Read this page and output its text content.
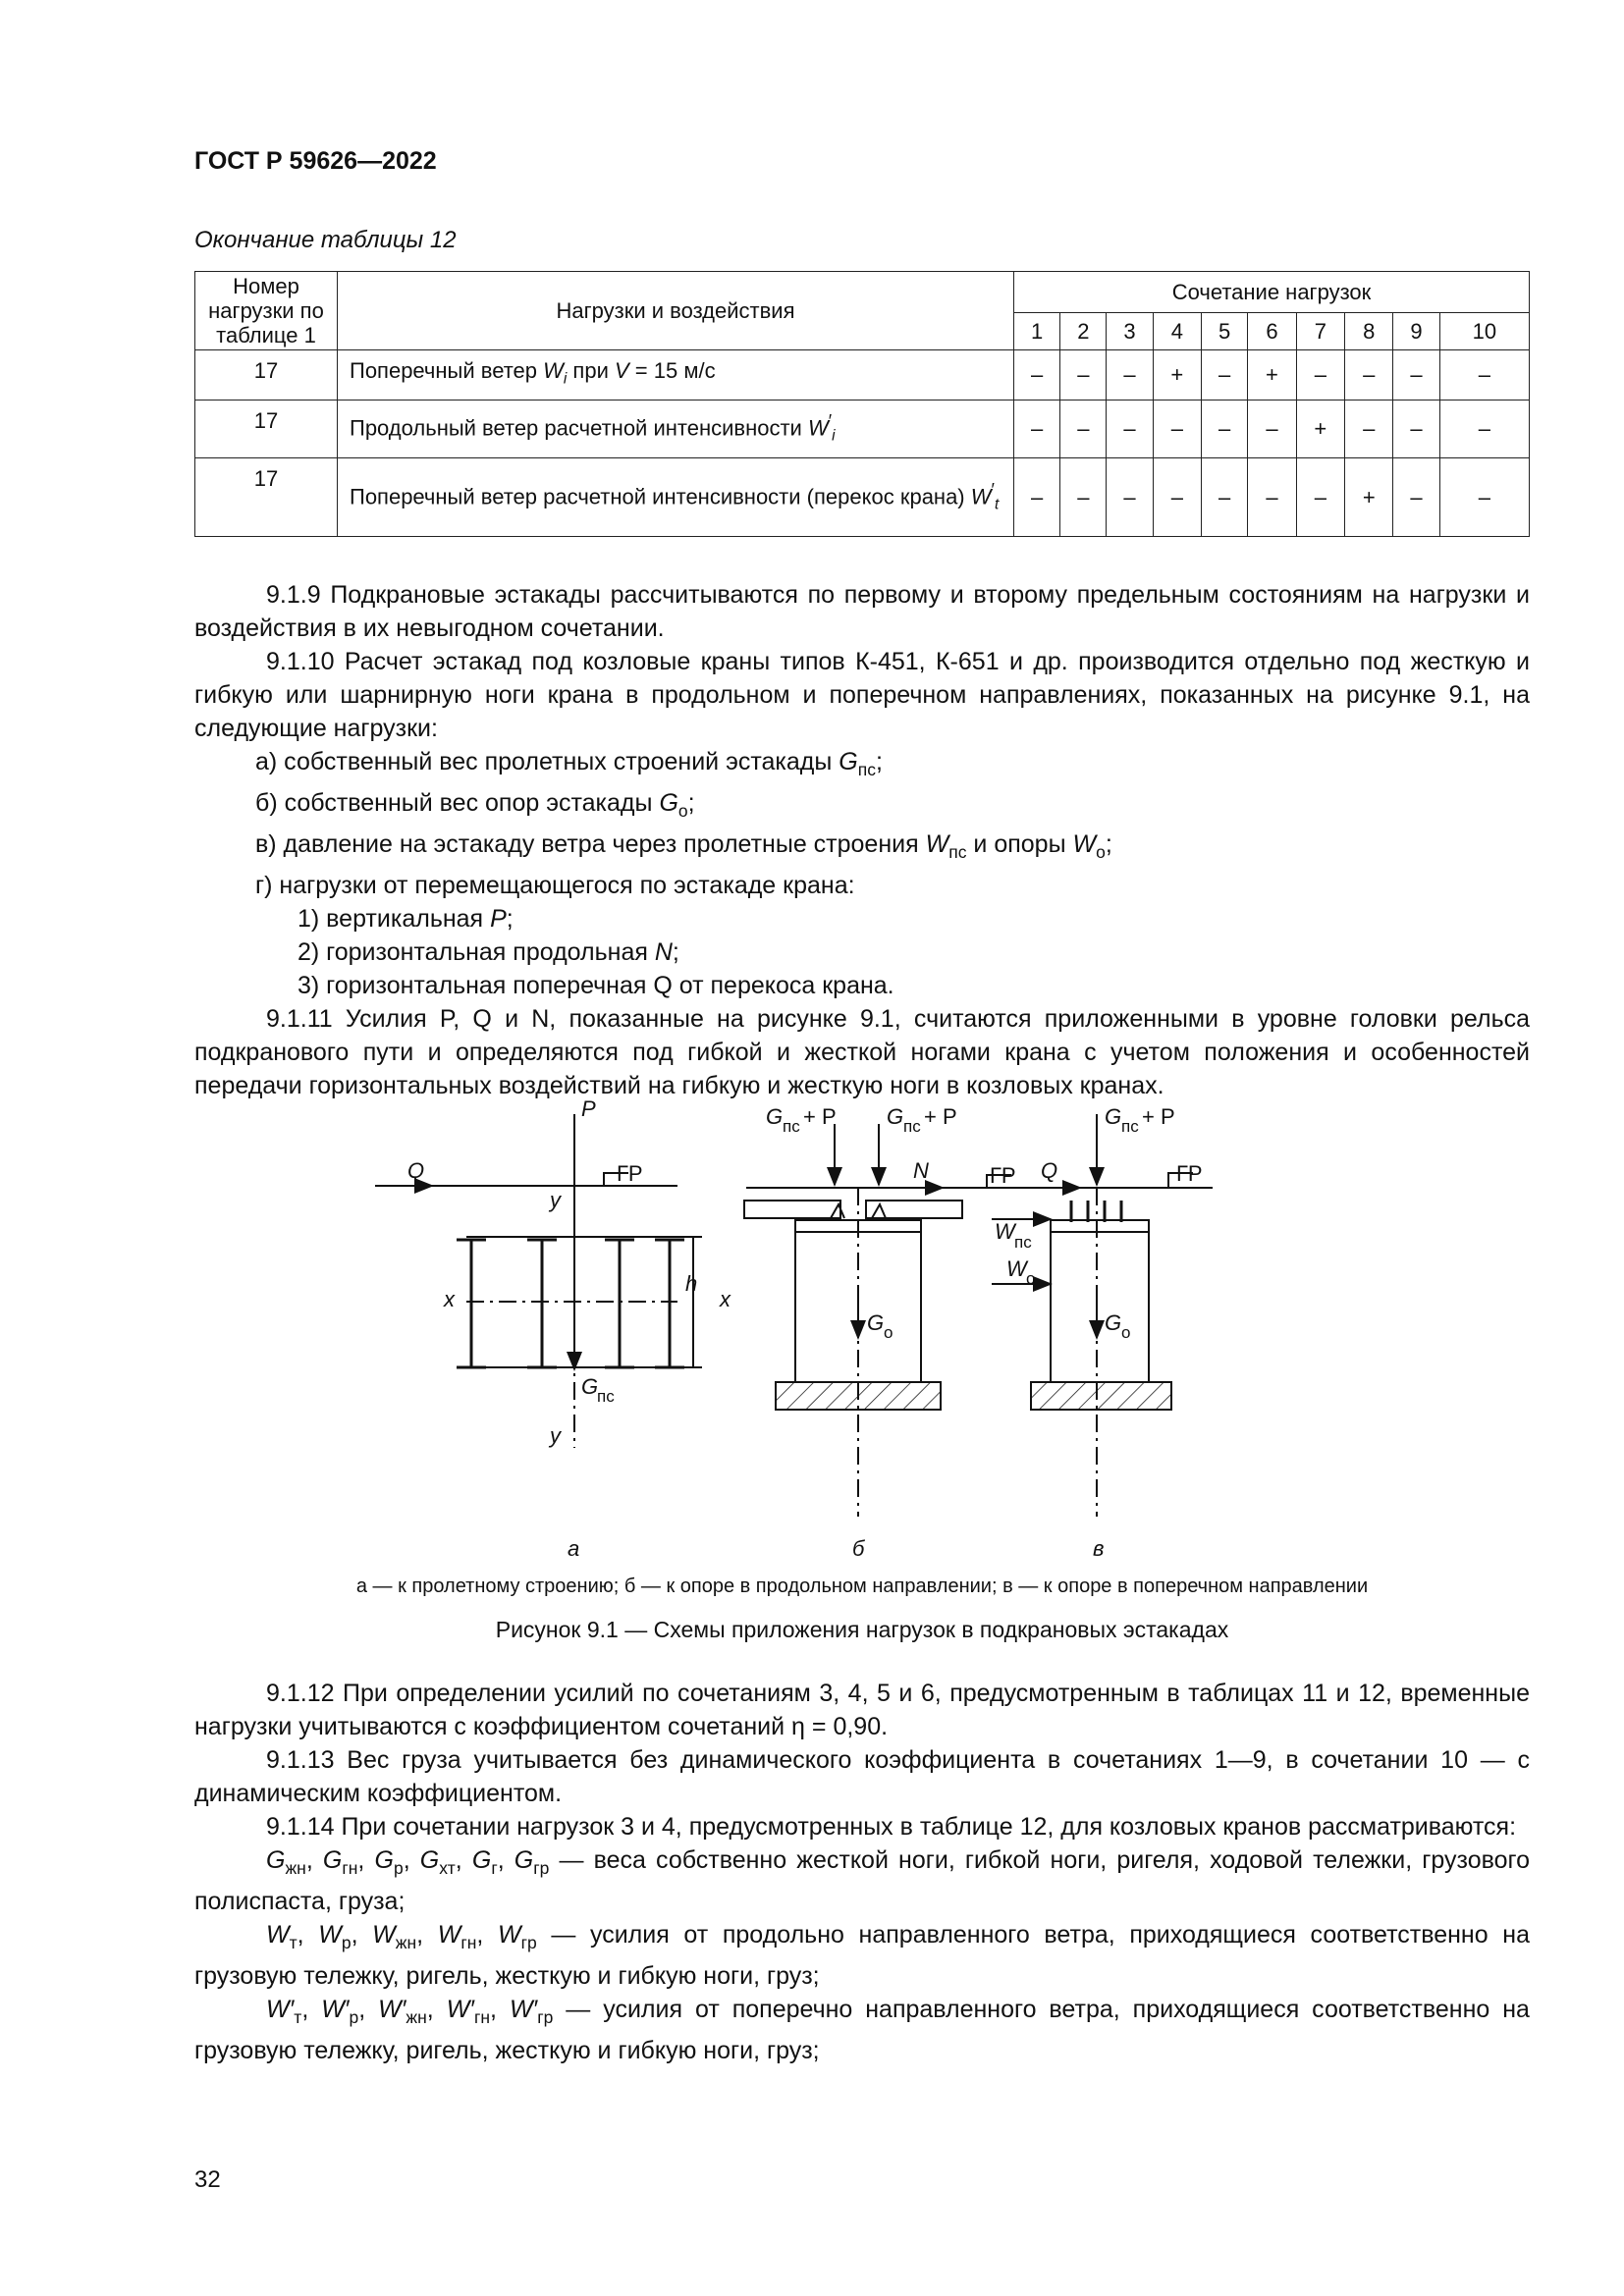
ГОСТ Р 59626—2022
Окончание таблицы 12
Номер нагрузки по таблице 1	Нагрузки и воздействия	Сочетание нагрузок									
		1	2	3	4	5	6	7	8	9	10
17	Поперечный ветер $W_i$ при V = 15 м/с	–	–	–	+	–	+	–	–	–	–
17	Продольный ветер расчетной интенсивности $W'_i$	–	–	–	–	–	–	+	–	–	–
17	Поперечный ветер расчетной интенсивности (перекос крана) $W'_t$	–	–	–	–	–	–	–	+	–	–

9.1.9 Подкрановые эстакады рассчитываются по первому и второму предельным состояниям на нагрузки и воздействия в их невыгодном сочетании.

9.1.10 Расчет эстакад под козловые краны типов К-451, К-651 и др. производится отдельно под жесткую и гибкую или шарнирную ноги крана в продольном и поперечном направлениях, показанных на рисунке 9.1, на следующие нагрузки:

а) собственный вес пролетных строений эстакады $G_{пс}$;

б) собственный вес опор эстакады $G_о$;

в) давление на эстакаду ветра через пролетные строения $W_{пс}$ и опоры $W_о$;

г) нагрузки от перемещающегося по эстакаде крана:

1) вертикальная P;

2) горизонтальная продольная N;

3) горизонтальная поперечная Q от перекоса крана.

9.1.11 Усилия P, Q и N, показанные на рисунке 9.1, считаются приложенными в уровне головки рельса подкранового пути и определяются под гибкой и жесткой ногами крана с учетом положения и особенностей передачи горизонтальных воздействий на гибкую и жесткую ноги в козловых кранах.

P
Q
y
y
x	x
h
G
пс
G пс + P G пс + P
N
G о
G пс + P
Q
W пс
W о
G о
а	б	в
ГР	ГР	ГР
а — к пролетному строению; б — к опоре в продольном направлении; в — к опоре в поперечном направлении
Рисунок 9.1 — Схемы приложения нагрузок в подкрановых эстакадах

9.1.12 При определении усилий по сочетаниям 3, 4, 5 и 6, предусмотренным в таблицах 11 и 12, временные нагрузки учитываются с коэффициентом сочетаний η = 0,90.

9.1.13 Вес груза учитывается без динамического коэффициента в сочетаниях 1—9, в сочетании 10 — с динамическим коэффициентом.

9.1.14 При сочетании нагрузок 3 и 4, предусмотренных в таблице 12, для козловых кранов рассматриваются:

$G_{жн}$, $G_{гн}$, $G_р$, $G_{хт}$, $G_г$, $G_{гр}$ — веса собственно жесткой ноги, гибкой ноги, ригеля, ходовой тележки, грузового полиспаста, груза;

$W_т$, $W_р$, $W_{жн}$, $W_{гн}$, $W_{гр}$ — усилия от продольно направленного ветра, приходящиеся соответственно на грузовую тележку, ригель, жесткую и гибкую ноги, груз;

$W'_т$, $W'_р$, $W'_{жн}$, $W'_{гн}$, $W'_{гр}$ — усилия от поперечно направленного ветра, приходящиеся соответственно на грузовую тележку, ригель, жесткую и гибкую ноги, груз;

32
